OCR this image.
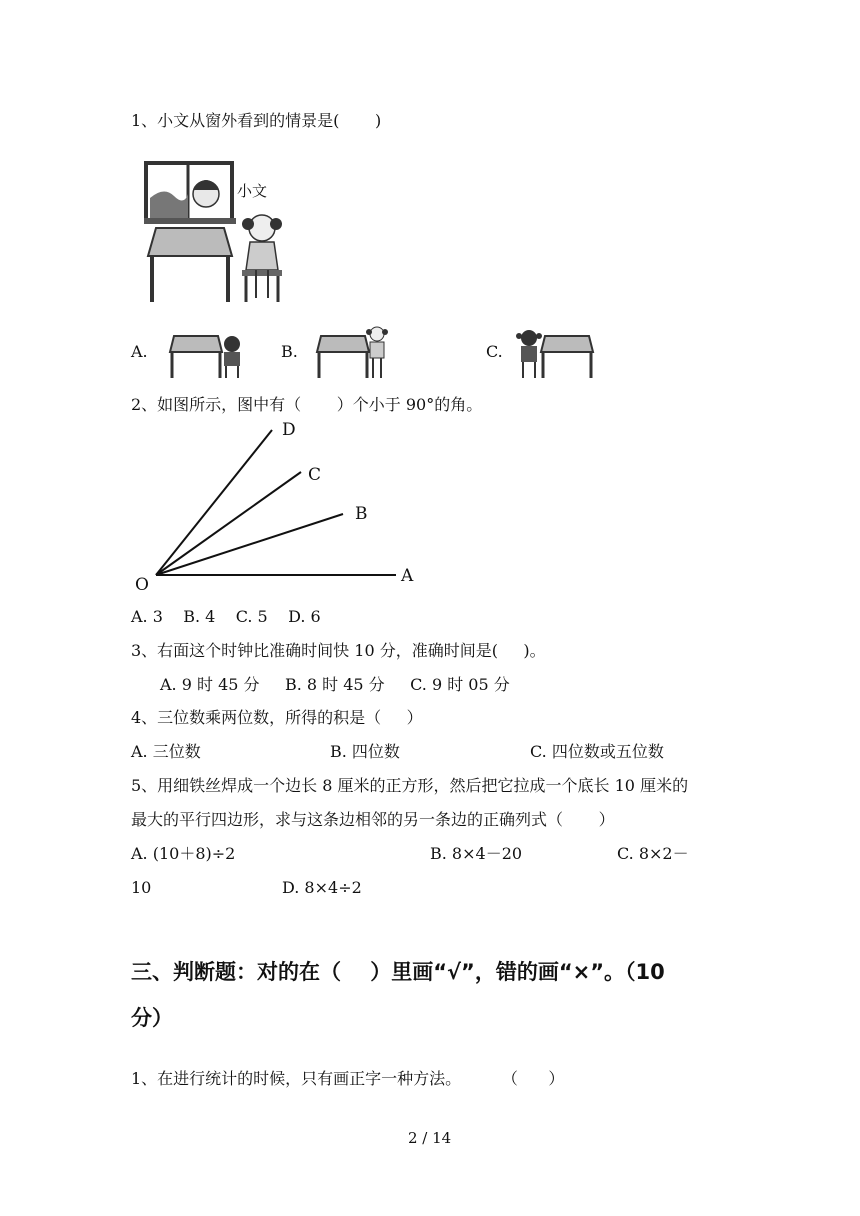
1、小文从窗外看到的情景是(       )
小文
A.	B.	C.
2、如图所示，图中有（       ）个小于 90°的角。
D
C
B
A
O
A. 3    B. 4    C. 5    D. 6
3、右面这个时钟比准确时间快 10 分，准确时间是(     )。
A. 9 时 45 分     B. 8 时 45 分     C. 9 时 05 分
4、三位数乘两位数，所得的积是（     ）
A. 三位数	B. 四位数	C. 四位数或五位数
5、用细铁丝焊成一个边长 8 厘米的正方形，然后把它拉成一个底长 10 厘米的
最大的平行四边形，求与这条边相邻的另一条边的正确列式（       ）
A. (10＋8)÷2	B. 8×4－20	C. 8×2－
10	D. 8×4÷2
三、判断题：对的在（    ）里画“√”，错的画“×”。（10
分）
1、在进行统计的时候，只有画正字一种方法。        （      ）
2 / 14
